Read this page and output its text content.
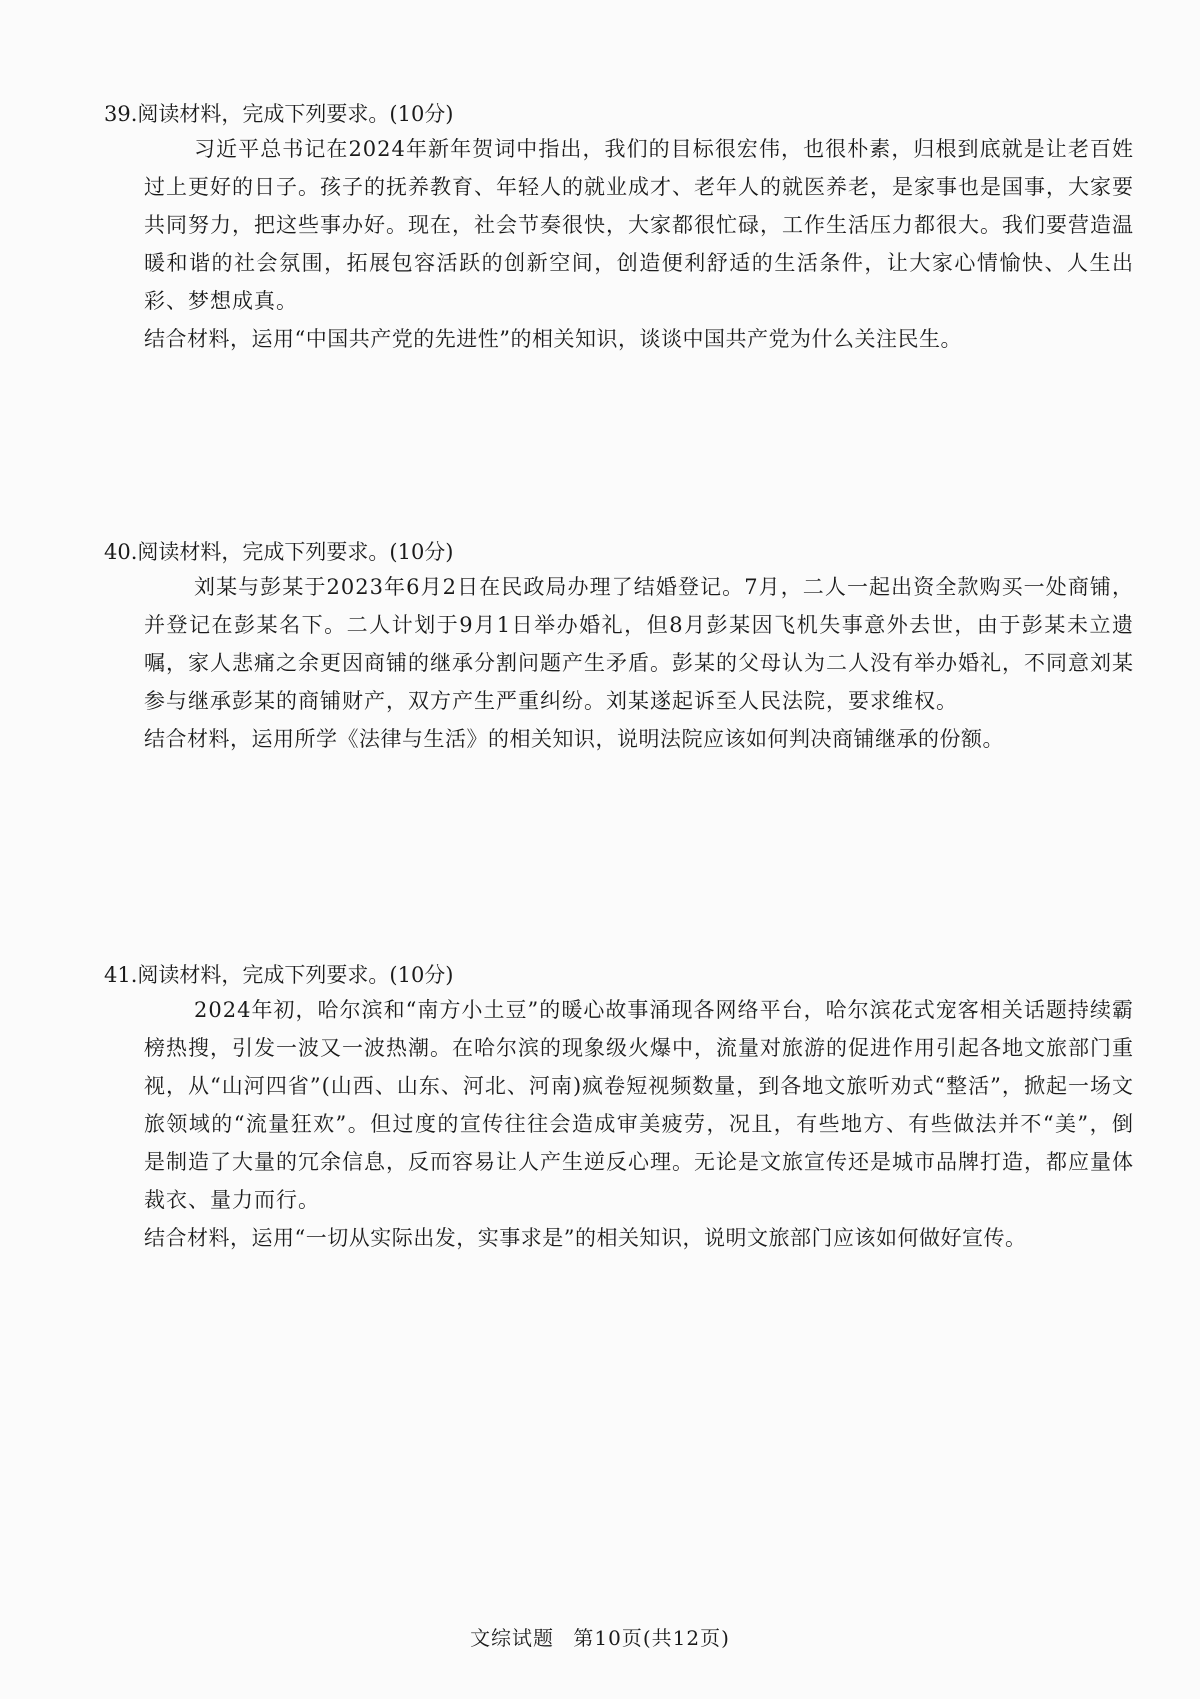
39.阅读材料，完成下列要求。(10分)

习近平总书记在2024年新年贺词中指出，我们的目标很宏伟，也很朴素，归根到底就是让老百姓过上更好的日子。孩子的抚养教育、年轻人的就业成才、老年人的就医养老，是家事也是国事，大家要共同努力，把这些事办好。现在，社会节奏很快，大家都很忙碌，工作生活压力都很大。我们要营造温暖和谐的社会氛围，拓展包容活跃的创新空间，创造便利舒适的生活条件，让大家心情愉快、人生出彩、梦想成真。

结合材料，运用“中国共产党的先进性”的相关知识，谈谈中国共产党为什么关注民生。

40.阅读材料，完成下列要求。(10分)

刘某与彭某于2023年6月2日在民政局办理了结婚登记。7月，二人一起出资全款购买一处商铺，并登记在彭某名下。二人计划于9月1日举办婚礼，但8月彭某因飞机失事意外去世，由于彭某未立遗嘱，家人悲痛之余更因商铺的继承分割问题产生矛盾。彭某的父母认为二人没有举办婚礼，不同意刘某参与继承彭某的商铺财产，双方产生严重纠纷。刘某遂起诉至人民法院，要求维权。

结合材料，运用所学《法律与生活》的相关知识，说明法院应该如何判决商铺继承的份额。

41.阅读材料，完成下列要求。(10分)

2024年初，哈尔滨和“南方小土豆”的暖心故事涌现各网络平台，哈尔滨花式宠客相关话题持续霸榜热搜，引发一波又一波热潮。在哈尔滨的现象级火爆中，流量对旅游的促进作用引起各地文旅部门重视，从“山河四省”(山西、山东、河北、河南)疯卷短视频数量，到各地文旅听劝式“整活”，掀起一场文旅领域的“流量狂欢”。但过度的宣传往往会造成审美疲劳，况且，有些地方、有些做法并不“美”，倒是制造了大量的冗余信息，反而容易让人产生逆反心理。无论是文旅宣传还是城市品牌打造，都应量体裁衣、量力而行。

结合材料，运用“一切从实际出发，实事求是”的相关知识，说明文旅部门应该如何做好宣传。

文综试题 第10页(共12页)
